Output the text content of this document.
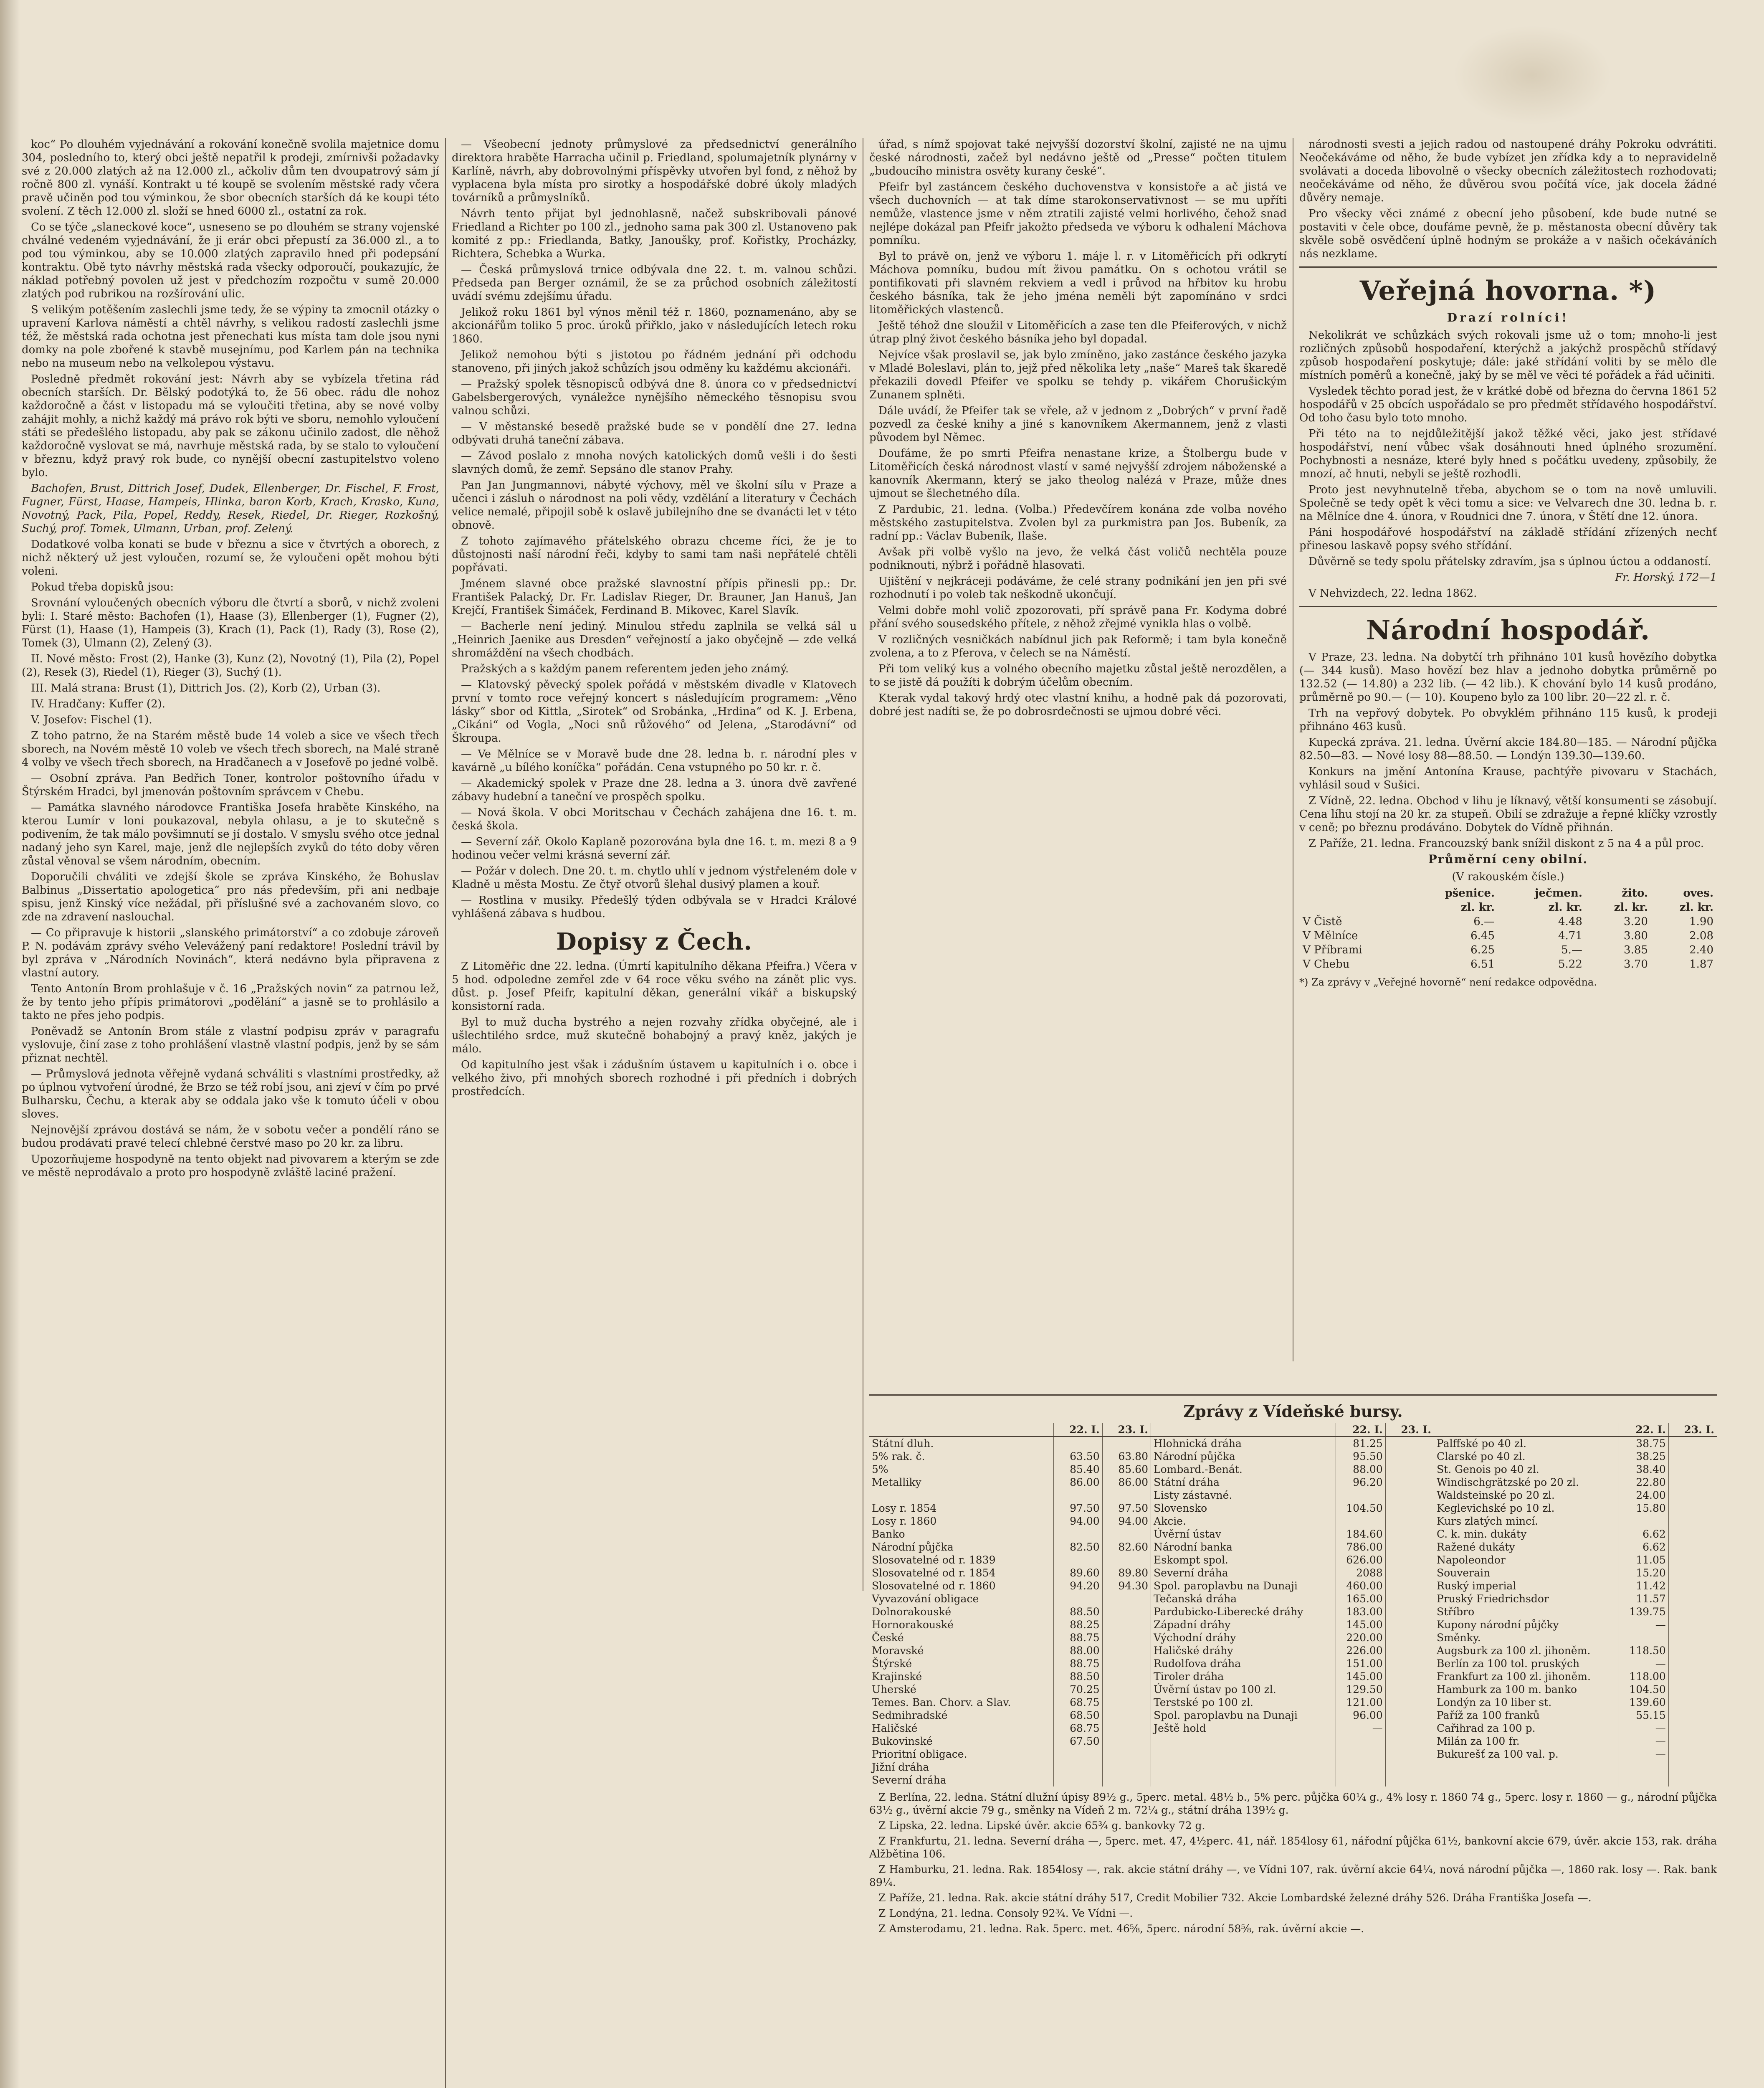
koc“ Po dlouhém vyjednávání a rokování konečně svolila majetnice domu 304, posledního to, který obci ještě nepatřil k prodeji, zmírnivši požadavky své z 20.000 zlatých až na 12.000 zl., ačkoliv dům ten dvoupatrový sám jí ročně 800 zl. vynáší. Kontrakt u té koupě se svolením městské rady včera pravě učiněn pod tou výminkou, že sbor obecních starších dá ke koupi této svolení. Z těch 12.000 zl. složí se hned 6000 zl., ostatní za rok.

Co se týče „slaneckové koce“, usneseno se po dlouhém se strany vojenské chválné vedeném vyjednávání, že ji erár obci přepustí za 36.000 zl., a to pod tou výminkou, aby se 10.000 zlatých zapravilo hned při podepsání kontraktu. Obě tyto návrhy městská rada všecky odporoučí, poukazujíc, že náklad potřebný povolen už jest v předchozím rozpočtu v sumě 20.000 zlatých pod rubrikou na rozšírování ulic.

S velikým potěšením zaslechli jsme tedy, že se výpiny ta zmocnil otázky o upravení Karlova náměstí a chtěl návrhy, s velikou radostí zaslechli jsme též, že městská rada ochotna jest přenechati kus místa tam dole jsou nyni domky na pole zbořené k stavbě musejnímu, pod Karlem pán na technika nebo na museum nebo na velkolepou výstavu.

Posledně předmět rokování jest: Návrh aby se vybízela třetina rád obecních starších. Dr. Bělský podotýká to, že 56 obec. rádu dle nohoz každoročně a část v listopadu má se vyloučiti třetina, aby se nové volby zahájit mohly, a nichž každý má právo rok býti ve sboru, nemohlo vyloučení státi se předešlého listopadu, aby pak se zákonu učinilo zadost, dle něhož každoročně vyslovat se má, navrhuje městská rada, by se stalo to vyloučení v březnu, když pravý rok bude, co nynější obecní zastupitelstvo voleno bylo.

Bachofen, Brust, Dittrich Josef, Dudek, Ellenberger, Dr. Fischel, F. Frost, Fugner, Fürst, Haase, Hampeis, Hlinka, baron Korb, Krach, Krasko, Kuna, Novotný, Pack, Pila, Popel, Reddy, Resek, Riedel, Dr. Rieger, Rozkošný, Suchý, prof. Tomek, Ulmann, Urban, prof. Zelený.

Dodatkové volba konati se bude v březnu a sice v čtvrtých a oborech, z nichž některý už jest vyloučen, rozumí se, že vyloučeni opět mohou býti voleni.

Pokud třeba dopisků jsou:

Srovnání vyloučených obecních výboru dle čtvrtí a sborů, v nichž zvoleni byli: I. Staré město: Bachofen (1), Haase (3), Ellenberger (1), Fugner (2), Fürst (1), Haase (1), Hampeis (3), Krach (1), Pack (1), Rady (3), Rose (2), Tomek (3), Ulmann (2), Zelený (3).

II. Nové město: Frost (2), Hanke (3), Kunz (2), Novotný (1), Pila (2), Popel (2), Resek (3), Riedel (1), Rieger (3), Suchý (1).

III. Malá strana: Brust (1), Dittrich Jos. (2), Korb (2), Urban (3).

IV. Hradčany: Kuffer (2).

V. Josefov: Fischel (1).

Z toho patrno, že na Starém městě bude 14 voleb a sice ve všech třech sborech, na Novém městě 10 voleb ve všech třech sborech, na Malé straně 4 volby ve všech třech sborech, na Hradčanech a v Josefově po jedné volbě.

— Osobní zpráva. Pan Bedřich Toner, kontrolor poštovního úřadu v Štýrském Hradci, byl jmenován poštovním správcem v Chebu.

— Památka slavného národovce Františka Josefa hraběte Kinského, na kterou Lumír v loni poukazoval, nebyla ohlasu, a je to skutečně s podivením, že tak málo povšimnutí se jí dostalo. V smyslu svého otce jednal nadaný jeho syn Karel, maje, jenž dle nejlepších zvyků do této doby věren zůstal věnoval se všem národním, obecním.

Doporučili chváliti ve zdejší škole se zpráva Kinského, že Bohuslav Balbinus „Dissertatio apologetica“ pro nás především, při ani nedbaje spisu, jenž Kinský více nežádal, při příslušné své a zachovaném slovo, co zde na zdravení naslouchal.

— Co připravuje k historii „slanského primátorství“ a co zdobuje zároveň P. N. podávám zprávy svého Velevážený paní redaktore! Poslední trávil by byl zpráva v „Národních Novinách“, která nedávno byla připravena z vlastní autory.

Tento Antonín Brom prohlašuje v č. 16 „Pražských novin“ za patrnou lež, že by tento jeho přípis primátorovi „podělání“ a jasně se to prohlásilo a takto ne přes jeho podpis.

Poněvadž se Antonín Brom stále z vlastní podpisu zpráv v paragrafu vyslovuje, činí zase z toho prohlášení vlastně vlastní podpis, jenž by se sám přiznat nechtěl.

— Průmyslová jednota věřejně vydaná schváliti s vlastními prostředky, až po úplnou vytvoření úrodné, že Brzo se též robí jsou, ani zjeví v čím po prvé Bulharsku, Čechu, a kterak aby se oddala jako vše k tomuto účeli v obou sloves.

Nejnovější zprávou dostává se nám, že v sobotu večer a pondělí ráno se budou prodávati pravé telecí chlebné čerstvé maso po 20 kr. za libru.

Upozorňujeme hospodyně na tento objekt nad pivovarem a kterým se zde ve městě neprodávalo a proto pro hospodyně zvláště laciné pražení.

— Všeobecní jednoty průmyslové za předsednictví generálního direktora hraběte Harracha učinil p. Friedland, spolumajetník plynárny v Karlíně, návrh, aby dobrovolnými příspěvky utvořen byl fond, z něhož by vyplacena byla místa pro sirotky a hospodářské dobré úkoly mladých továrníků a průmyslníků.

Návrh tento přijat byl jednohlasně, načež subskribovali pánové Friedland a Richter po 100 zl., jednoho sama pak 300 zl. Ustanoveno pak komité z pp.: Friedlanda, Batky, Janoušky, prof. Kořistky, Procházky, Richtera, Schebka a Wurka.

— Česká průmyslová trnice odbývala dne 22. t. m. valnou schůzi. Předseda pan Berger oznámil, že se za průchod osobních záležitostí uvádí svému zdejšímu úřadu.

Jelikož roku 1861 byl výnos měnil též r. 1860, poznamenáno, aby se akcionářům toliko 5 proc. úroků přiřklo, jako v následujících letech roku 1860.

Jelikož nemohou býti s jistotou po řádném jednání při odchodu stanoveno, při jiných jakož schůzích jsou odměny ku každému akcionáři.

— Pražský spolek těsnopisců odbývá dne 8. února co v předsednictví Gabelsbergerových, vynáležce nynějšího německého těsnopisu svou valnou schůzi.

— V městanské besedě pražské bude se v pondělí dne 27. ledna odbývati druhá taneční zábava.

— Závod poslalo z mnoha nových katolických domů vešli i do šesti slavných domů, že zemř. Sepsáno dle stanov Prahy.

Pan Jan Jungmannovi, nábyté výchovy, měl ve školní sílu v Praze a učenci i zásluh o národnost na poli vědy, vzdělání a literatury v Čechách velice nemalé, připojil sobě k oslavě jubilejního dne se dvanácti let v této obnově.

Z tohoto zajímavého přátelského obrazu chceme říci, že je to důstojnosti naší národní řeči, kdyby to sami tam naši nepřátelé chtěli popřávati.

Jménem slavné obce pražské slavnostní přípis přinesli pp.: Dr. František Palacký, Dr. Fr. Ladislav Rieger, Dr. Brauner, Jan Hanuš, Jan Krejčí, František Šimáček, Ferdinand B. Mikovec, Karel Slavík.

— Bacherle není jediný. Minulou středu zaplnila se velká sál u „Heinrich Jaenike aus Dresden“ veřejností a jako obyčejně — zde velká shromáždění na všech chodbách.

Pražských a s každým panem referentem jeden jeho známý.

— Klatovský pěvecký spolek pořádá v městském divadle v Klatovech první v tomto roce veřejný koncert s následujícím programem: „Věno lásky“ sbor od Kittla, „Sirotek“ od Srobánka, „Hrdina“ od K. J. Erbena, „Cikáni“ od Vogla, „Noci snů růžového“ od Jelena, „Starodávní“ od Škroupa.

— Ve Mělníce se v Moravě bude dne 28. ledna b. r. národní ples v kavárně „u bílého koníčka“ pořádán. Cena vstupného po 50 kr. r. č.

— Akademický spolek v Praze dne 28. ledna a 3. února dvě zavřené zábavy hudební a taneční ve prospěch spolku.

— Nová škola. V obci Moritschau v Čechách zahájena dne 16. t. m. česká škola.

— Severní zář. Okolo Kaplaně pozorována byla dne 16. t. m. mezi 8 a 9 hodinou večer velmi krásná severní zář.

— Požár v dolech. Dne 20. t. m. chytlo uhlí v jednom výstřeleném dole v Kladně u města Mostu. Ze čtyř otvorů šlehal dusivý plamen a kouř.

— Rostlina v musiky. Předešlý týden odbývala se v Hradci Králové vyhlášená zábava s hudbou.

Dopisy z Čech.

Z Litoměřic dne 22. ledna. (Úmrtí kapitulního děkana Pfeifra.) Včera v 5 hod. odpoledne zemřel zde v 64 roce věku svého na zánět plic vys. důst. p. Josef Pfeifr, kapitulní děkan, generální vikář a biskupský konsistorní rada.

Byl to muž ducha bystrého a nejen rozvahy zřídka obyčejné, ale i ušlechtilého srdce, muž skutečně bohabojný a pravý kněz, jakých je málo.

Od kapitulního jest však i zádušním ústavem u kapitulních i o. obce i velkého živo, při mnohých sborech rozhodné i při předních i dobrých prostředcích.

úřad, s nímž spojovat také nejvyšší dozorství školní, zajisté ne na ujmu české národnosti, začež byl nedávno ještě od „Presse“ počten titulem „budoucího ministra osvěty kurany české“.

Pfeifr byl zastáncem českého duchovenstva v konsistoře a ač jistá ve všech duchovních — at tak díme starokonservativnost — se mu upříti nemůže, vlastence jsme v něm ztratili zajisté velmi horlivého, čehož snad nejlépe dokázal pan Pfeifr jakožto předseda ve výboru k odhalení Máchova pomníku.

Byl to právě on, jenž ve výboru 1. máje l. r. v Litoměřicích při odkrytí Máchova pomníku, budou mít živou památku. On s ochotou vrátil se pontifikovati při slavném rekviem a vedl i průvod na hřbitov ku hrobu českého básníka, tak že jeho jména neměli být zapomínáno v srdci litoměřických vlastenců.

Ještě téhož dne sloužil v Litoměřicích a zase ten dle Pfeiferových, v nichž útrap plný život českého básníka jeho byl dopadal.

Nejvíce však proslavil se, jak bylo zmíněno, jako zastánce českého jazyka v Mladé Boleslavi, plán to, jejž před několika lety „naše“ Mareš tak škaredě překazili dovedl Pfeifer ve spolku se tehdy p. vikářem Chorušickým Zunanem splněti.

Dále uvádí, že Pfeifer tak se vřele, až v jednom z „Dobrých“ v první řadě pozvedl za české knihy a jiné s kanovníkem Akermannem, jenž z vlasti původem byl Němec.

Doufáme, že po smrti Pfeifra nenastane krize, a Štolbergu bude v Litoměřicích česká národnost vlastí v samé nejvyšší zdrojem náboženské a kanovník Akermann, který se jako theolog nalézá v Praze, může dnes ujmout se šlechetného díla.

Z Pardubic, 21. ledna. (Volba.) Předevčírem konána zde volba nového městského zastupitelstva. Zvolen byl za purkmistra pan Jos. Bubeník, za radní pp.: Václav Bubeník, Ilaše.

Avšak při volbě vyšlo na jevo, že velká část voličů nechtěla pouze podniknouti, nýbrž i pořádně hlasovati.

Ujištění v nejkráceji podáváme, že celé strany podnikání jen jen při své rozhodnutí i po voleb tak neškodně ukončují.

Velmi dobře mohl volič zpozorovati, pří správě pana Fr. Kodyma dobré přání svého sousedského přítele, z něhož zřejmé vynikla hlas o volbě.

V rozličných vesničkách nabídnul jich pak Reformě; i tam byla konečně zvolena, a to z Pferova, v čelech se na Náměstí.

Při tom veliký kus a volného obecního majetku zůstal ještě nerozdělen, a to se jistě dá použíti k dobrým účelům obecním.

Kterak vydal takový hrdý otec vlastní knihu, a hodně pak dá pozorovati, dobré jest nadíti se, že po dobrosrdečnosti se ujmou dobré věci.

národnosti svesti a jejich radou od nastoupené dráhy Pokroku odvrátiti. Neočekáváme od něho, že bude vybízet jen zřídka kdy a to nepravidelně svolávati a doceda libovolně o všecky obecních záležitostech rozhodovati; neočekáváme od něho, že důvěrou svou počítá více, jak docela žádné důvěry nemaje.

Pro všecky věci známé z obecní jeho působení, kde bude nutné se postaviti v čele obce, doufáme pevně, že p. městanosta obecní důvěry tak skvěle sobě osvědčení úplně hodným se prokáže a v našich očekáváních nás nezklame.

Veřejná hovorna. *)
Drazí rolníci!

Nekolikrát ve schůzkách svých rokovali jsme už o tom; mnoho-li jest rozličných způsobů hospodaření, kterýchž a jakýchž prospěchů střídavý způsob hospodaření poskytuje; dále: jaké střídání voliti by se mělo dle místních poměrů a konečně, jaký by se měl ve věci té pořádek a řád učiniti.

Vysledek těchto porad jest, že v krátké době od března do června 1861 52 hospodářů v 25 obcích uspořádalo se pro předmět střídavého hospodářství. Od toho času bylo toto mnoho.

Při této na to nejdůležitější jakož těžké věci, jako jest střídavé hospodářství, není vůbec však dosáhnouti hned úplného srozumění. Pochybnosti a nesnáze, které byly hned s počátku uvedeny, způsobily, že mnozí, ač hnuti, nebyli se ještě rozhodli.

Proto jest nevyhnutelně třeba, abychom se o tom na nově umluvili. Společně se tedy opět k věci tomu a sice: ve Velvarech dne 30. ledna b. r. na Mělníce dne 4. února, v Roudnici dne 7. února, v Štětí dne 12. února.

Páni hospodářové hospodářství na základě střídání zřízených nechť přinesou laskavě popsy svého střídání.

Důvěrně se tedy spolu přátelsky zdravím, jsa s úplnou úctou a oddaností.

Fr. Horský. 172—1

V Nehvizdech, 22. ledna 1862.

Národní hospodář.

V Praze, 23. ledna. Na dobytčí trh přihnáno 101 kusů hovězího dobytka (— 344 kusů). Maso hovězí bez hlav a jednoho dobytka průměrně po 132.52 (— 14.80) a 232 lib. (— 42 lib.). K chování bylo 14 kusů prodáno, průměrně po 90.— (— 10). Koupeno bylo za 100 libr. 20—22 zl. r. č.

Trh na vepřový dobytek. Po obvyklém přihnáno 115 kusů, k prodeji přihnáno 463 kusů.

Kupecká zpráva. 21. ledna. Úvěrní akcie 184.80—185. — Národní půjčka 82.50—83. — Nové losy 88—88.50. — Londýn 139.30—139.60.

Konkurs na jmění Antonína Krause, pachtýře pivovaru v Stachách, vyhlásil soud v Sušici.

Z Vídně, 22. ledna. Obchod v lihu je líknavý, větší konsumenti se zásobují. Cena líhu stojí na 20 kr. za stupeň. Obilí se zdražuje a řepné klíčky vzrostly v ceně; po březnu prodáváno. Dobytek do Vídně přihnán.

Z Paříže, 21. ledna. Francouzský bank snížil diskont z 5 na 4 a půl proc.

Průměrní ceny obilní.
(V rakouském čísle.)
	pšenice.	ječmen.	žito.	oves.
	zl. kr.	zl. kr.	zl. kr.	zl. kr.
V Čistě	6.—	4.48	3.20	1.90
V Mělníce	6.45	4.71	3.80	2.08
V Příbrami	6.25	5.—	3.85	2.40
V Chebu	6.51	5.22	3.70	1.87
*) Za zprávy v „Veřejné hovorně“ není redakce odpovědna.
Zprávy z Vídeňské bursy.
	22. I.	23. I.		22. I.	23. I.		22. I.	23. I.
Státní dluh.			Hlohnická dráha	81.25		Palffské po 40 zl.	38.75	
5% rak. č.	63.50	63.80	Národní půjčka	95.50		Clarské po 40 zl.	38.25	
5%	85.40	85.60	Lombard.-Benát.	88.00		St. Genois po 40 zl.	38.40	
Metalliky	86.00	86.00	Státní dráha	96.20		Windischgrätzské po 20 zl.	22.80	
			Listy zástavné.			Waldsteinské po 20 zl.	24.00	
Losy r. 1854	97.50	97.50	Slovensko	104.50		Keglevichské po 10 zl.	15.80	
Losy r. 1860	94.00	94.00	Akcie.			Kurs zlatých mincí.		
Banko			Úvěrní ústav	184.60		C. k. min. dukáty	6.62	
Národní půjčka	82.50	82.60	Národní banka	786.00		Ražené dukáty	6.62	
Slosovatelné od r. 1839			Eskompt spol.	626.00		Napoleondor	11.05	
Slosovatelné od r. 1854	89.60	89.80	Severní dráha	2088		Souverain	15.20	
Slosovatelné od r. 1860	94.20	94.30	Spol. paroplavbu na Dunaji	460.00		Ruský imperial	11.42	
Vyvazování obligace			Tečanská dráha	165.00		Pruský Friedrichsdor	11.57	
Dolnorakouské	88.50		Pardubicko-Liberecké dráhy	183.00		Stříbro	139.75	
Hornorakouské	88.25		Západní dráhy	145.00		Kupony národní půjčky	—	
České	88.75		Východní dráhy	220.00		Směnky.		
Moravské	88.00		Haličské dráhy	226.00		Augsburk za 100 zl. jihoněm.	118.50	
Štýrské	88.75		Rudolfova dráha	151.00		Berlín za 100 tol. pruských	—	
Krajinské	88.50		Tiroler dráha	145.00		Frankfurt za 100 zl. jihoněm.	118.00	
Uherské	70.25		Úvěrní ústav po 100 zl.	129.50		Hamburk za 100 m. banko	104.50	
Temes. Ban. Chorv. a Slav.	68.75		Terstské po 100 zl.	121.00		Londýn za 10 liber st.	139.60	
Sedmihradské	68.50		Spol. paroplavbu na Dunaji	96.00		Paříž za 100 franků	55.15	
Haličské	68.75		Ještě hold	—		Cařihrad za 100 p.	—	
Bukovinské	67.50					Milán za 100 fr.	—	
Prioritní obligace.						Bukurešť za 100 val. p.	—	
Jižní dráha								
Severní dráha								

Z Berlína, 22. ledna. Státní dlužní úpisy 89½ g., 5perc. metal. 48½ b., 5% perc. půjčka 60¼ g., 4% losy r. 1860 74 g., 5perc. losy r. 1860 — g., národní půjčka 63½ g., úvěrní akcie 79 g., směnky na Vídeň 2 m. 72¼ g., státní dráha 139½ g.

Z Lipska, 22. ledna. Lipské úvěr. akcie 65¾ g. bankovky 72 g.

Z Frankfurtu, 21. ledna. Severní dráha —, 5perc. met. 47, 4½perc. 41, nář. 1854losy 61, nářodní půjčka 61½, bankovní akcie 679, úvěr. akcie 153, rak. dráha Alžbětina 106.

Z Hamburku, 21. ledna. Rak. 1854losy —, rak. akcie státní dráhy —, ve Vídni 107, rak. úvěrní akcie 64¼, nová národní půjčka —, 1860 rak. losy —. Rak. bank 89¼.

Z Paříže, 21. ledna. Rak. akcie státní dráhy 517, Credit Mobilier 732. Akcie Lombardské železné dráhy 526. Dráha Františka Josefa —.

Z Londýna, 21. ledna. Consoly 92¾. Ve Vídni —.

Z Amsterodamu, 21. ledna. Rak. 5perc. met. 46⅝, 5perc. národní 58⅝, rak. úvěrní akcie —.
